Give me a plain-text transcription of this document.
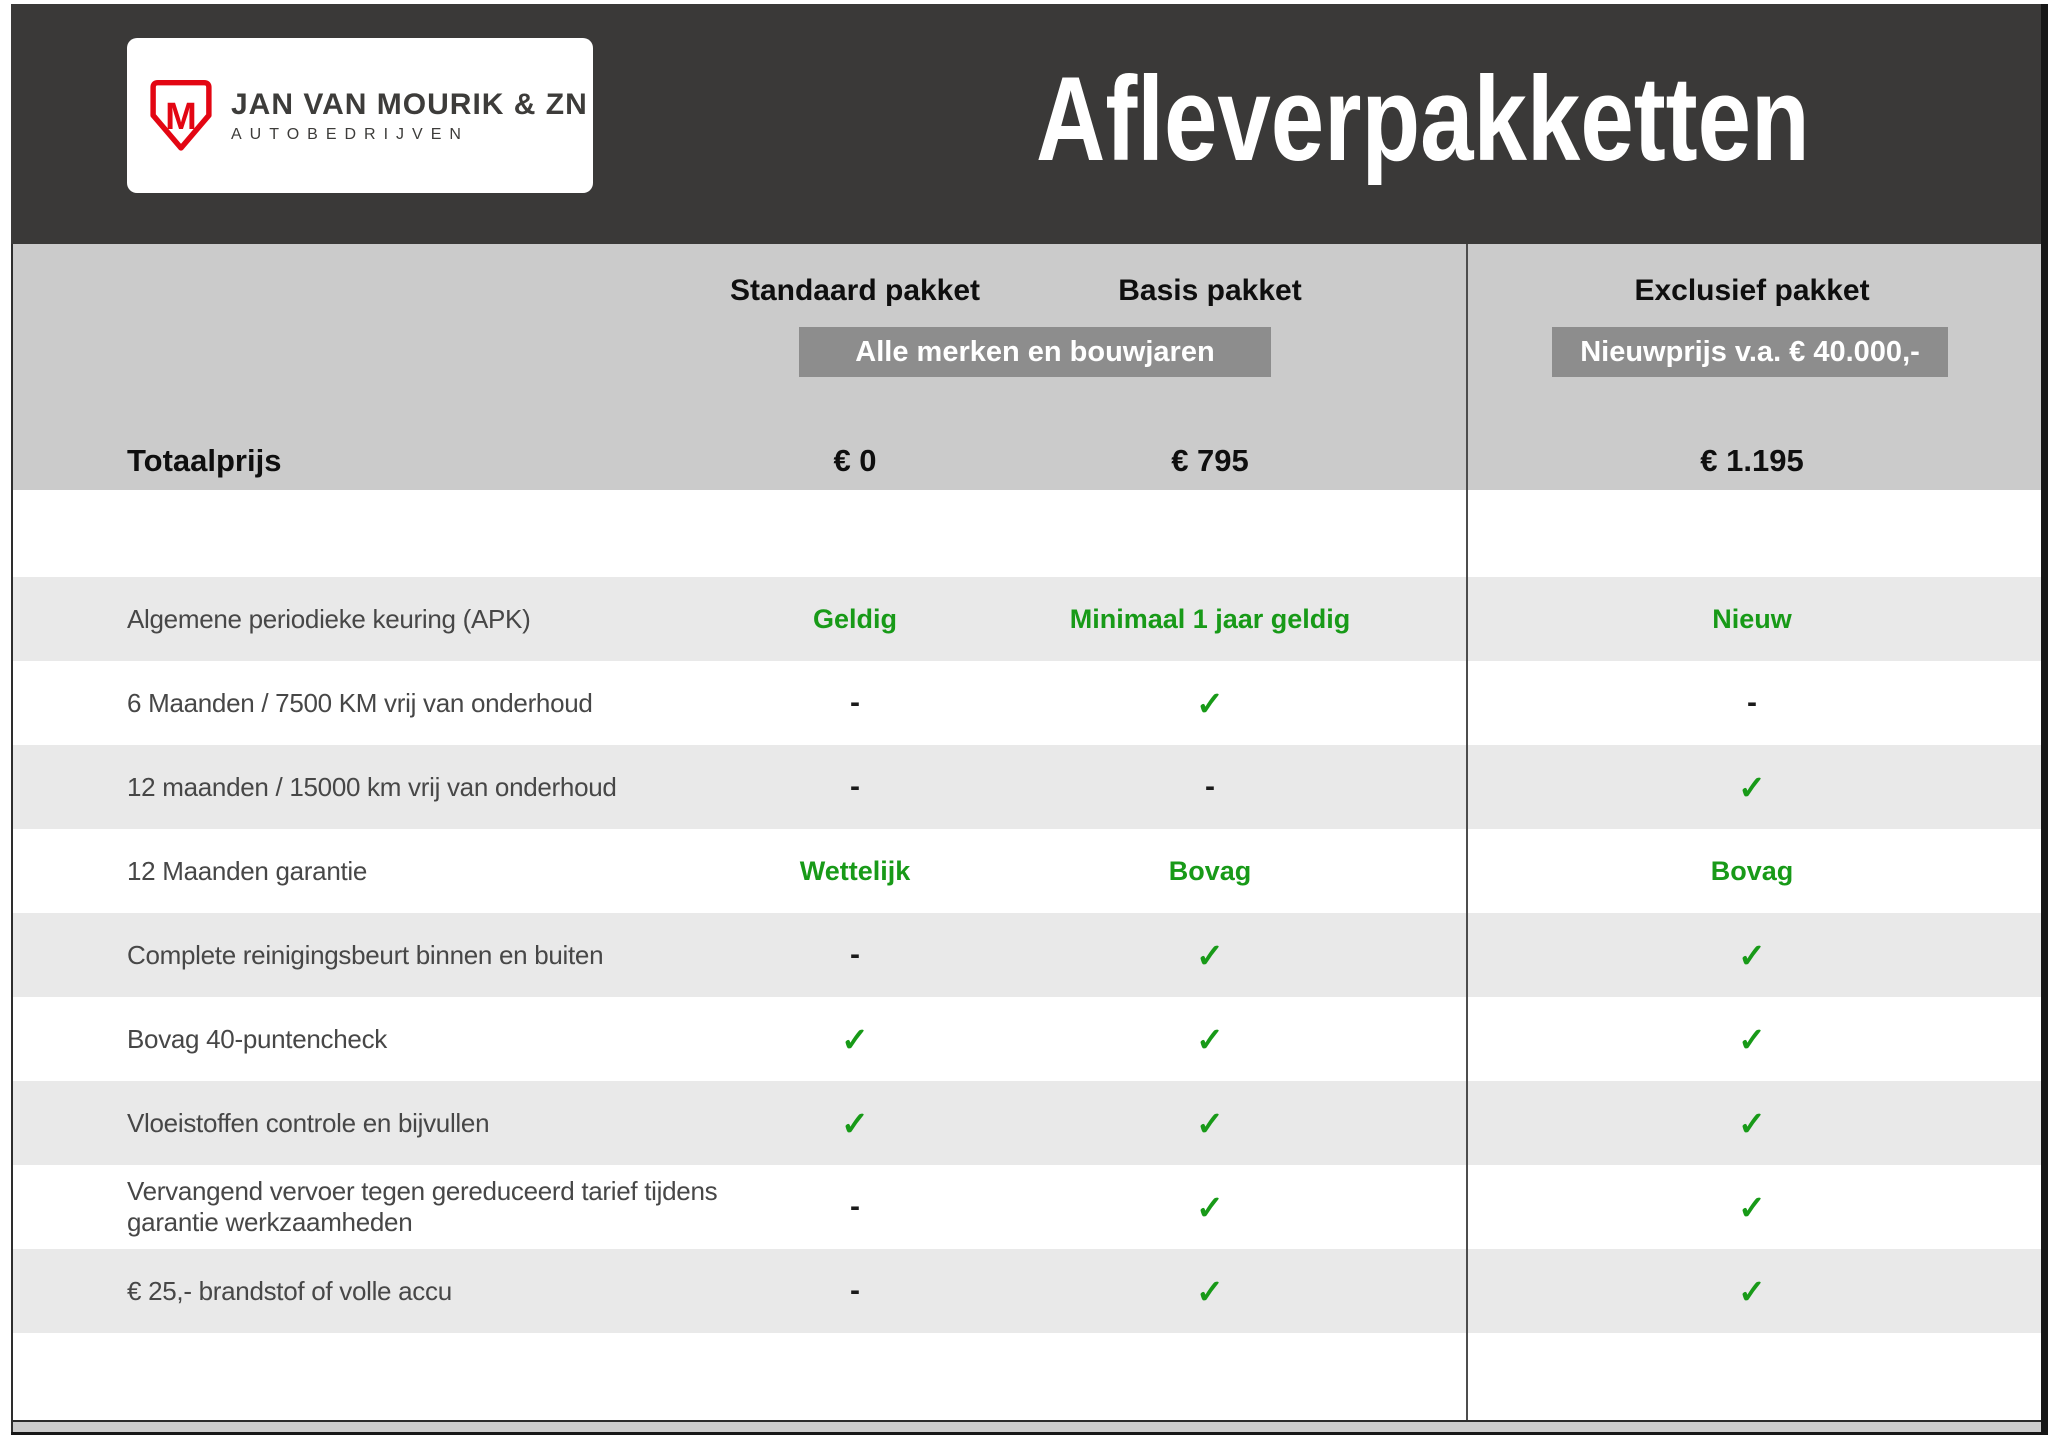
M JAN VAN MOURIK & ZN
AUTOBEDRIJVEN	Afleverpakketten
Standaard pakket	Basis pakket	Exclusief pakket
Alle merken en bouwjaren	Nieuwprijs v.a. € 40.000,-
Totaalprijs	€ 0	€ 795	€ 1.195
Algemene periodieke keuring (APK)	Geldig	Minimaal 1 jaar geldig	Nieuw
6 Maanden / 7500 KM vrij van onderhoud	-	✓	-
12 maanden / 15000 km vrij van onderhoud	-	-	✓
12 Maanden garantie	Wettelijk	Bovag	Bovag
Complete reinigingsbeurt binnen en buiten	-	✓	✓
Bovag 40-puntencheck	✓	✓	✓
Vloeistoffen controle en bijvullen	✓	✓	✓
Vervangend vervoer tegen gereduceerd tarief tijdens garantie werkzaamheden	-	✓	✓
€ 25,- brandstof of volle accu	-	✓	✓
